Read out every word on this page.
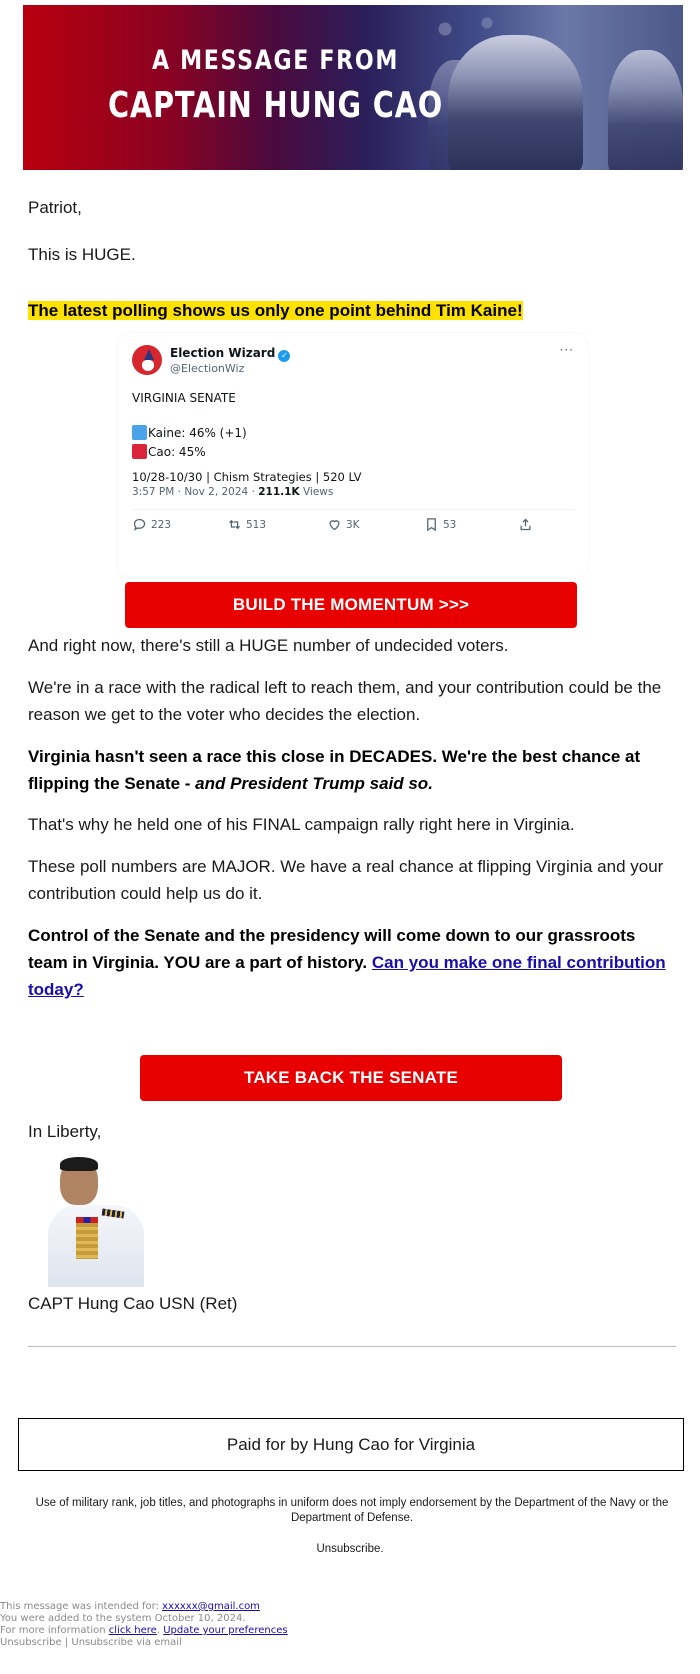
A MESSAGE FROM
CAPTAIN HUNG CAO
Patriot,
This is HUGE.
The latest polling shows us only one point behind Tim Kaine!
Election Wizard ✓
@ElectionWiz
···
VIRGINIA SENATE
Kaine: 46% (+1)
Cao: 45%
10/28-10/30 | Chism Strategies | 520 LV
3:57 PM · Nov 2, 2024 · 211.1K Views
223	513	3K	53
BUILD THE MOMENTUM >>>
And right now, there's still a HUGE number of undecided voters.
We're in a race with the radical left to reach them, and your contribution could be the reason we get to the voter who decides the election.
Virginia hasn't seen a race this close in DECADES. We're the best chance at flipping the Senate - and President Trump said so.
That's why he held one of his FINAL campaign rally right here in Virginia.
These poll numbers are MAJOR. We have a real chance at flipping Virginia and your contribution could help us do it.
Control of the Senate and the presidency will come down to our grassroots team in Virginia. YOU are a part of history. Can you make one final contribution today?
TAKE BACK THE SENATE
In Liberty,
CAPT Hung Cao USN (Ret)
Paid for by Hung Cao for Virginia
Use of military rank, job titles, and photographs in uniform does not imply endorsement by the Department of the Navy or the Department of Defense.
Unsubscribe.
This message was intended for: xxxxxx@gmail.com
You were added to the system October 10, 2024.
For more information click here. Update your preferences
Unsubscribe | Unsubscribe via email
